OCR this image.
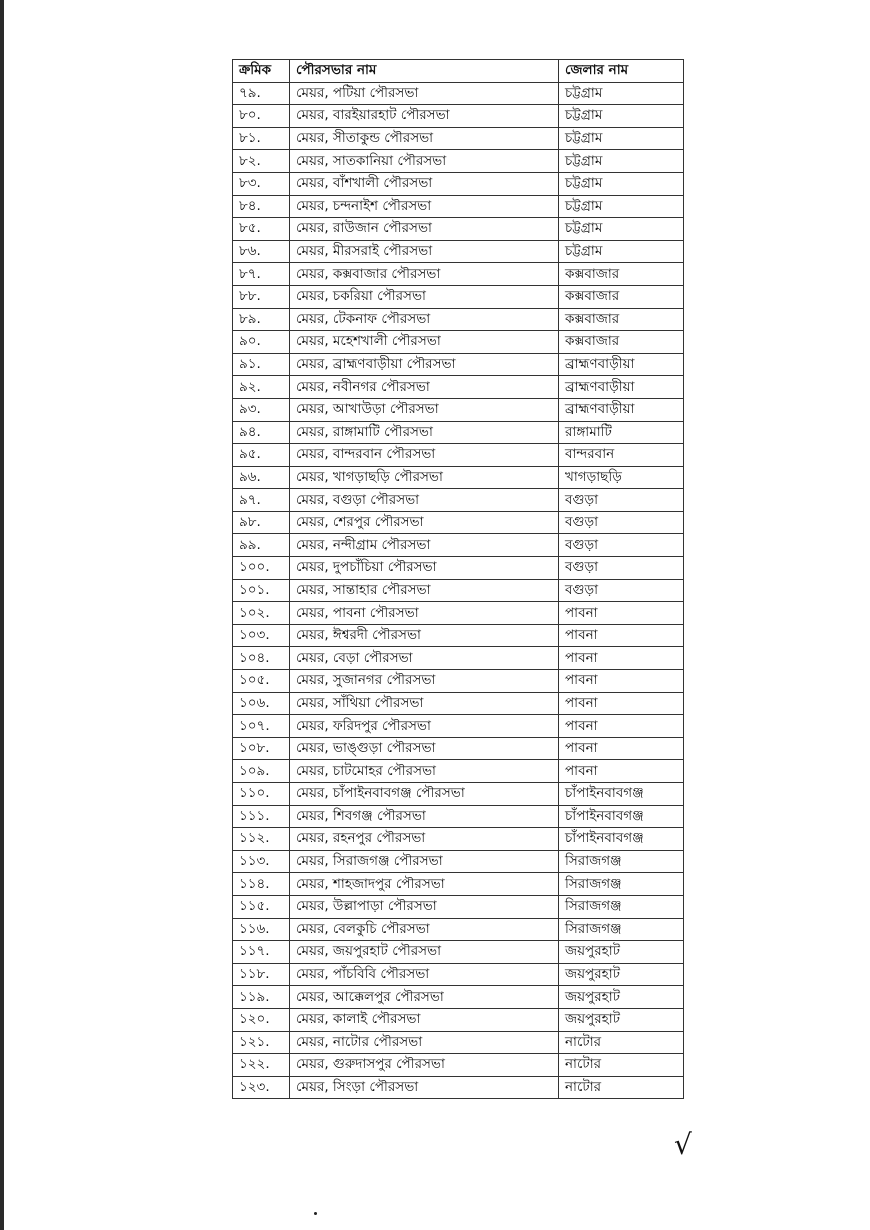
ক্রমিক	পৌরসভার নাম	জেলার নাম
৭৯.	মেয়র, পটিয়া পৌরসভা	চট্টগ্রাম
৮০.	মেয়র, বারইয়ারহাট পৌরসভা	চট্টগ্রাম
৮১.	মেয়র, সীতাকুন্ড পৌরসভা	চট্টগ্রাম
৮২.	মেয়র, সাতকানিয়া পৌরসভা	চট্টগ্রাম
৮৩.	মেয়র, বাঁশখালী পৌরসভা	চট্টগ্রাম
৮৪.	মেয়র, চন্দনাইশ পৌরসভা	চট্টগ্রাম
৮৫.	মেয়র, রাউজান পৌরসভা	চট্টগ্রাম
৮৬.	মেয়র, মীরসরাই পৌরসভা	চট্টগ্রাম
৮৭.	মেয়র, কক্সবাজার পৌরসভা	কক্সবাজার
৮৮.	মেয়র, চকরিয়া পৌরসভা	কক্সবাজার
৮৯.	মেয়র, টেকনাফ পৌরসভা	কক্সবাজার
৯০.	মেয়র, মহেশখালী পৌরসভা	কক্সবাজার
৯১.	মেয়র, ব্রাহ্মণবাড়ীয়া পৌরসভা	ব্রাহ্মণবাড়ীয়া
৯২.	মেয়র, নবীনগর পৌরসভা	ব্রাহ্মণবাড়ীয়া
৯৩.	মেয়র, আখাউড়া পৌরসভা	ব্রাহ্মণবাড়ীয়া
৯৪.	মেয়র, রাঙ্গামাটি পৌরসভা	রাঙ্গামাটি
৯৫.	মেয়র, বান্দরবান পৌরসভা	বান্দরবান
৯৬.	মেয়র, খাগড়াছড়ি পৌরসভা	খাগড়াছড়ি
৯৭.	মেয়র, বগুড়া পৌরসভা	বগুড়া
৯৮.	মেয়র, শেরপুর পৌরসভা	বগুড়া
৯৯.	মেয়র, নন্দীগ্রাম পৌরসভা	বগুড়া
১০০.	মেয়র, দুপচাঁচিয়া পৌরসভা	বগুড়া
১০১.	মেয়র, সান্তাহার পৌরসভা	বগুড়া
১০২.	মেয়র, পাবনা পৌরসভা	পাবনা
১০৩.	মেয়র, ঈশ্বরদী পৌরসভা	পাবনা
১০৪.	মেয়র, বেড়া পৌরসভা	পাবনা
১০৫.	মেয়র, সুজানগর পৌরসভা	পাবনা
১০৬.	মেয়র, সাঁথিয়া পৌরসভা	পাবনা
১০৭.	মেয়র, ফরিদপুর পৌরসভা	পাবনা
১০৮.	মেয়র, ভাঙ্গুড়া পৌরসভা	পাবনা
১০৯.	মেয়র, চাটমোহর পৌরসভা	পাবনা
১১০.	মেয়র, চাঁপাইনবাবগঞ্জ পৌরসভা	চাঁপাইনবাবগঞ্জ
১১১.	মেয়র, শিবগঞ্জ পৌরসভা	চাঁপাইনবাবগঞ্জ
১১২.	মেয়র, রহনপুর পৌরসভা	চাঁপাইনবাবগঞ্জ
১১৩.	মেয়র, সিরাজগঞ্জ পৌরসভা	সিরাজগঞ্জ
১১৪.	মেয়র, শাহজাদপুর পৌরসভা	সিরাজগঞ্জ
১১৫.	মেয়র, উল্লাপাড়া পৌরসভা	সিরাজগঞ্জ
১১৬.	মেয়র, বেলকুচি পৌরসভা	সিরাজগঞ্জ
১১৭.	মেয়র, জয়পুরহাট পৌরসভা	জয়পুরহাট
১১৮.	মেয়র, পাঁচবিবি পৌরসভা	জয়পুরহাট
১১৯.	মেয়র, আক্কেলপুর পৌরসভা	জয়পুরহাট
১২০.	মেয়র, কালাই পৌরসভা	জয়পুরহাট
১২১.	মেয়র, নাটোর পৌরসভা	নাটোর
১২২.	মেয়র, গুরুদাসপুর পৌরসভা	নাটোর
১২৩.	মেয়র, সিংড়া পৌরসভা	নাটোর
√
